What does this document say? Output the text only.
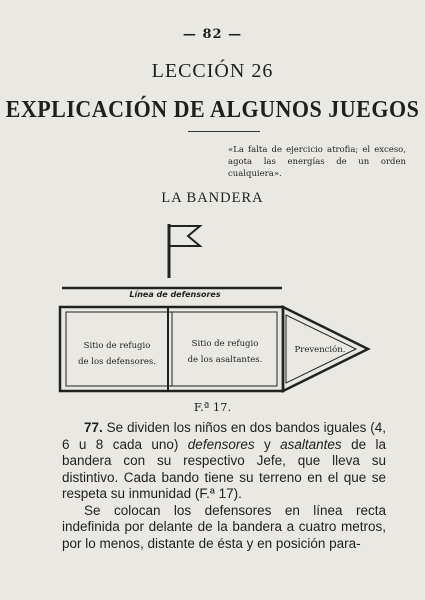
— 82 —
LECCIÓN 26
EXPLICACIÓN DE ALGUNOS JUEGOS
«La falta de ejercicio atrofia; el exceso, agota las energías de un orden cualquiera».
LA BANDERA
Línea de defensores
Sitio de refugio
de los defensores.
Sitio de refugio
de los asaltantes.
Prevención.
F.ª 17.

77. Se dividen los niños en dos bandos iguales (4, 6 u 8 cada uno) defensores y asaltantes de la bandera con su respectivo Jefe, que lleva su distintivo. Cada bando tiene su terreno en el que se respeta su inmunidad (F.ª 17).

Se colocan los defensores en línea recta indefinida por delante de la bandera a cuatro metros, por lo menos, distante de ésta y en posición para-
